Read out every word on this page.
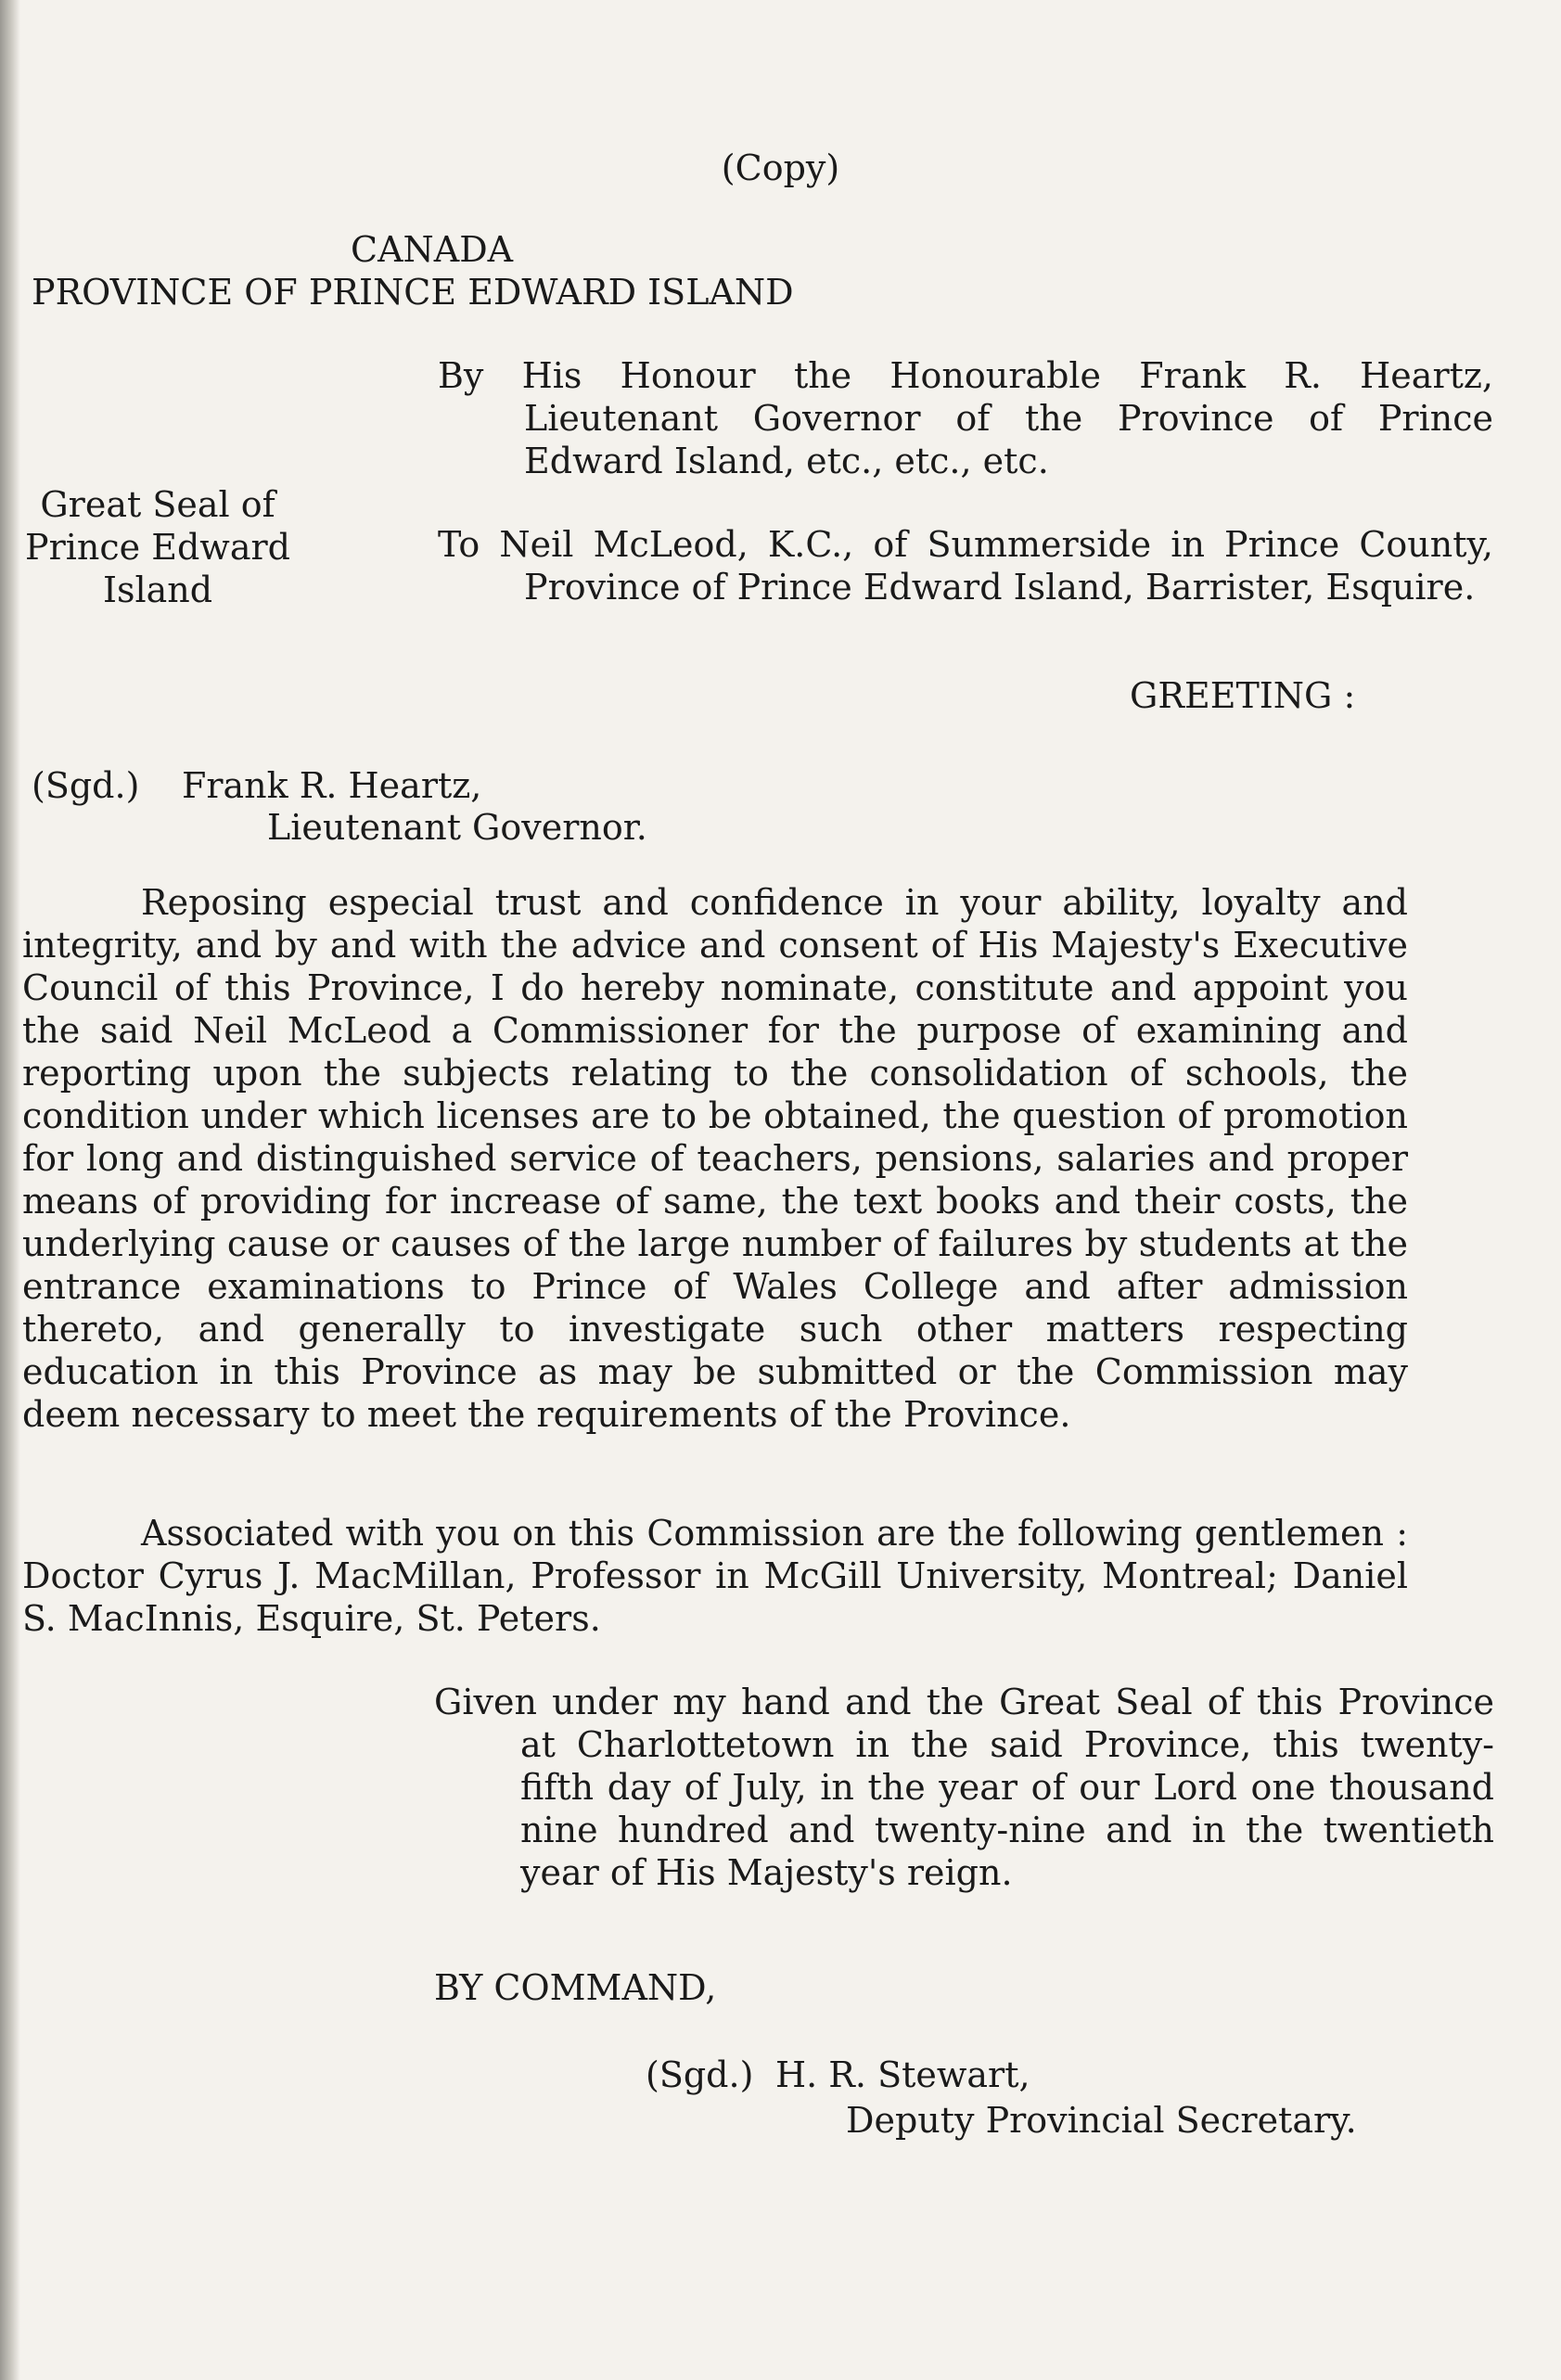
(Copy)
CANADA
PROVINCE OF PRINCE EDWARD ISLAND
By His Honour the Honourable Frank R. Heartz, Lieutenant Governor of the Province of Prince Edward Island, etc., etc., etc.
Great Seal of
Prince Edward
Island
To Neil McLeod, K.C., of Summerside in Prince County, Province of Prince Edward Island, Barrister, Esquire.
GREETING :
(Sgd.) Frank R. Heartz,
Lieutenant Governor.

Reposing especial trust and confidence in your ability, loyalty and integrity, and by and with the advice and consent of His Majesty's Executive Council of this Province, I do hereby nominate, constitute and appoint you the said Neil McLeod a Commissioner for the purpose of examining and reporting upon the subjects relating to the consolidation of schools, the condition under which licenses are to be obtained, the question of promotion for long and distinguished service of teachers, pensions, salaries and proper means of providing for increase of same, the text books and their costs, the underlying cause or causes of the large number of failures by students at the entrance examinations to Prince of Wales College and after admission thereto, and generally to investigate such other matters respecting education in this Province as may be submitted or the Commission may deem necessary to meet the requirements of the Province.

Associated with you on this Commission are the following gentlemen : Doctor Cyrus J. MacMillan, Professor in McGill University, Montreal; Daniel S. MacInnis, Esquire, St. Peters.

Given under my hand and the Great Seal of this Province at Charlottetown in the said Province, this twenty-fifth day of July, in the year of our Lord one thousand nine hundred and twenty-nine and in the twentieth year of His Majesty's reign.
BY COMMAND,
(Sgd.) H. R. Stewart,
Deputy Provincial Secretary.
